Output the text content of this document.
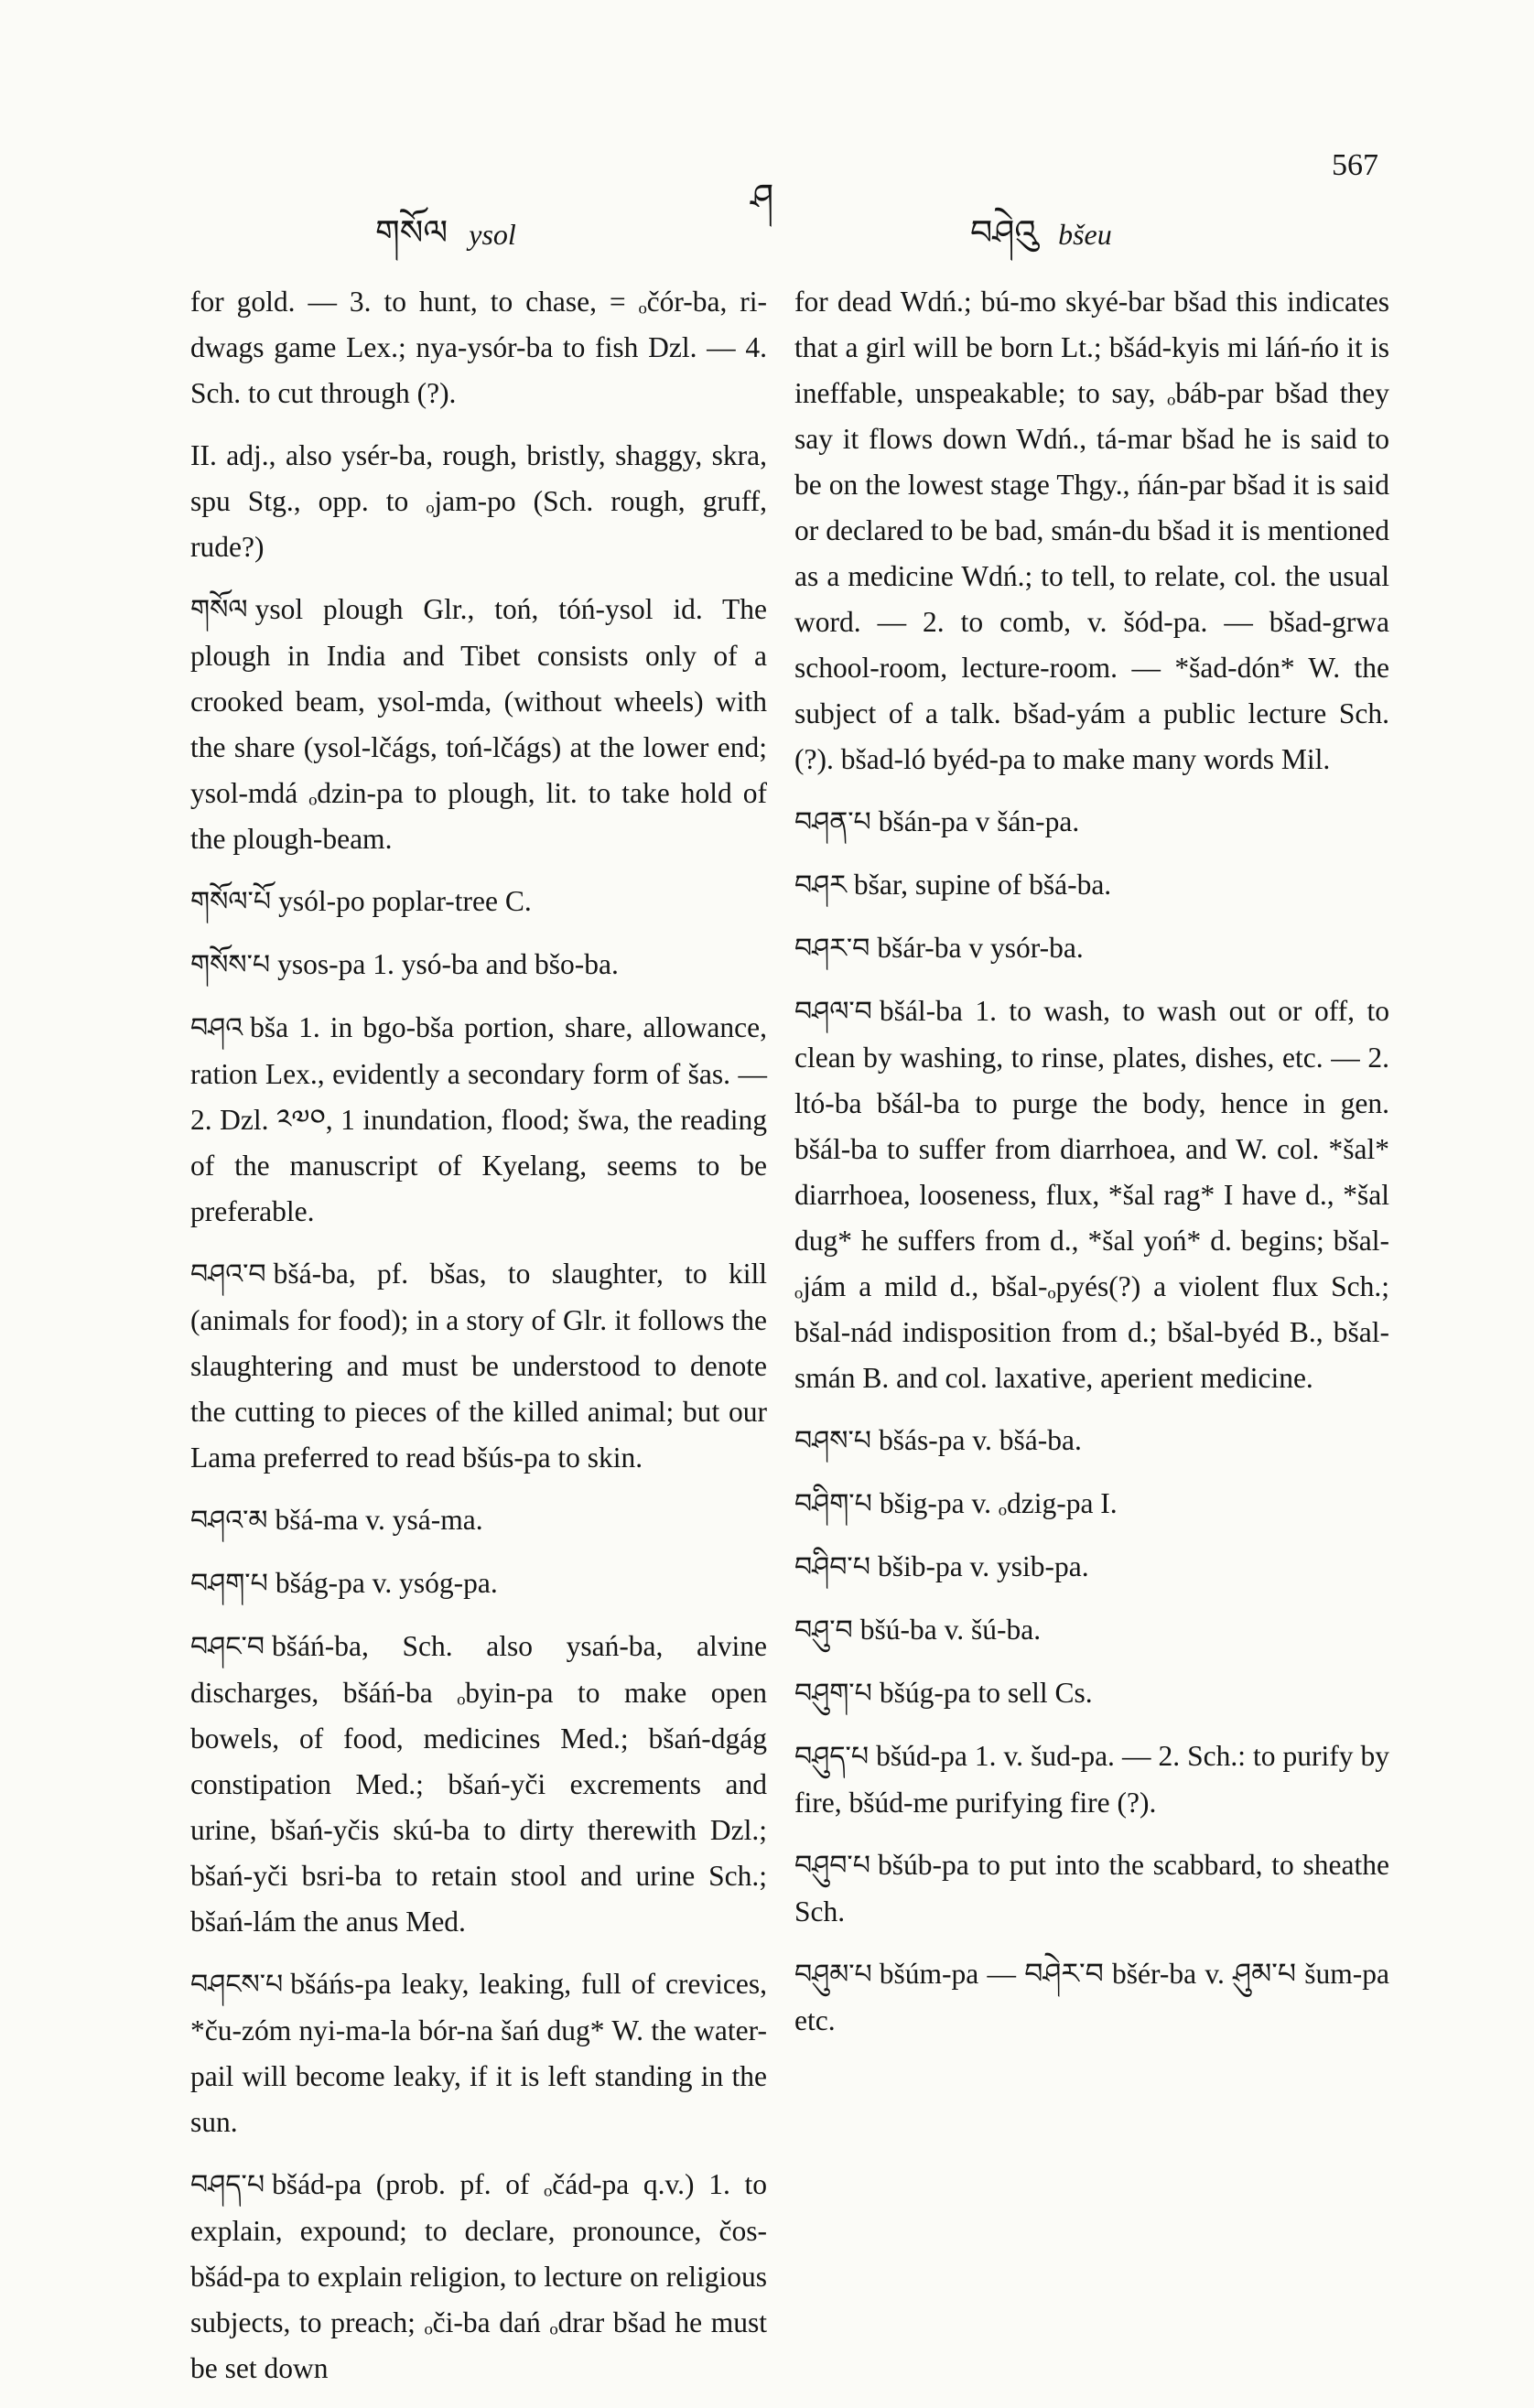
567
གསོལ ysol
ཤ
བཤེའུ bšeu

for gold. — 3. to hunt, to chase, = ₒčór-ba, ri-dwags game Lex.; nya-ysór-ba to fish Dzl. — 4. Sch. to cut through (?).

II. adj., also ysér-ba, rough, bristly, shaggy, skra, spu Stg., opp. to ₒjam-po (Sch. rough, gruff, rude?)

གསོལ ysol plough Glr., toń, tóń-ysol id. The plough in India and Tibet consists only of a crooked beam, ysol-mda, (without wheels) with the share (ysol-lčágs, toń-lčágs) at the lower end; ysol-mdá ₒdzin-pa to plough, lit. to take hold of the plough-beam.

གསོལ་པོ ysól-po poplar-tree C.

གསོས་པ ysos-pa 1. ysó-ba and bšo-ba.

བཤའ bša 1. in bgo-bša portion, share, allowance, ration Lex., evidently a secondary form of šas. — 2. Dzl. ༢༧༠, 1 inundation, flood; šwa, the reading of the manuscript of Kyelang, seems to be preferable.

བཤའ་བ bšá-ba, pf. bšas, to slaughter, to kill (animals for food); in a story of Glr. it follows the slaughtering and must be understood to denote the cutting to pieces of the killed animal; but our Lama preferred to read bšús-pa to skin.

བཤའ་མ bšá-ma v. ysá-ma.

བཤག་པ bšág-pa v. ysóg-pa.

བཤང་བ bšáń-ba, Sch. also ysań-ba, alvine discharges, bšáń-ba ₒbyin-pa to make open bowels, of food, medicines Med.; bšań-dgág constipation Med.; bšań-yči excrements and urine, bšań-yčis skú-ba to dirty therewith Dzl.; bšań-yči bsri-ba to retain stool and urine Sch.; bšań-lám the anus Med.

བཤངས་པ bšáńs-pa leaky, leaking, full of crevices, *ču-zóm nyi-ma-la bór-na šań dug* W. the water-pail will become leaky, if it is left standing in the sun.

བཤད་པ bšád-pa (prob. pf. of ₒčád-pa q.v.) 1. to explain, expound; to declare, pronounce, čos-bšád-pa to explain religion, to lecture on religious subjects, to preach; ₒči-ba dań ₒdrar bšad he must be set down

for dead Wdń.; bú-mo skyé-bar bšad this indicates that a girl will be born Lt.; bšád-kyis mi láń-ńo it is ineffable, unspeakable; to say, ₒbáb-par bšad they say it flows down Wdń., tá-mar bšad he is said to be on the lowest stage Thgy., ńán-par bšad it is said or declared to be bad, smán-du bšad it is mentioned as a medicine Wdń.; to tell, to relate, col. the usual word. — 2. to comb, v. šód-pa. — bšad-grwa school-room, lecture-room. — *šad-dón* W. the subject of a talk. bšad-yám a public lecture Sch. (?). bšad-ló byéd-pa to make many words Mil.

བཤན་པ bšán-pa v šán-pa.

བཤར bšar, supine of bšá-ba.

བཤར་བ bšár-ba v ysór-ba.

བཤལ་བ bšál-ba 1. to wash, to wash out or off, to clean by washing, to rinse, plates, dishes, etc. — 2. ltó-ba bšál-ba to purge the body, hence in gen. bšál-ba to suffer from diarrhoea, and W. col. *šal* diarrhoea, looseness, flux, *šal rag* I have d., *šal dug* he suffers from d., *šal yoń* d. begins; bšal-ₒjám a mild d., bšal-ₒpyés(?) a violent flux Sch.; bšal-nád indisposition from d.; bšal-byéd B., bšal-smán B. and col. laxative, aperient medicine.

བཤས་པ bšás-pa v. bšá-ba.

བཤིག་པ bšig-pa v. ₒdzig-pa I.

བཤིབ་པ bšib-pa v. ysib-pa.

བཤུ་བ bšú-ba v. šú-ba.

བཤུག་པ bšúg-pa to sell Cs.

བཤུད་པ bšúd-pa 1. v. šud-pa. — 2. Sch.: to purify by fire, bšúd-me purifying fire (?).

བཤུབ་པ bšúb-pa to put into the scabbard, to sheathe Sch.

བཤུམ་པ bšúm-pa — བཤེར་བ bšér-ba v. ཤུམ་པ šum-pa etc.
